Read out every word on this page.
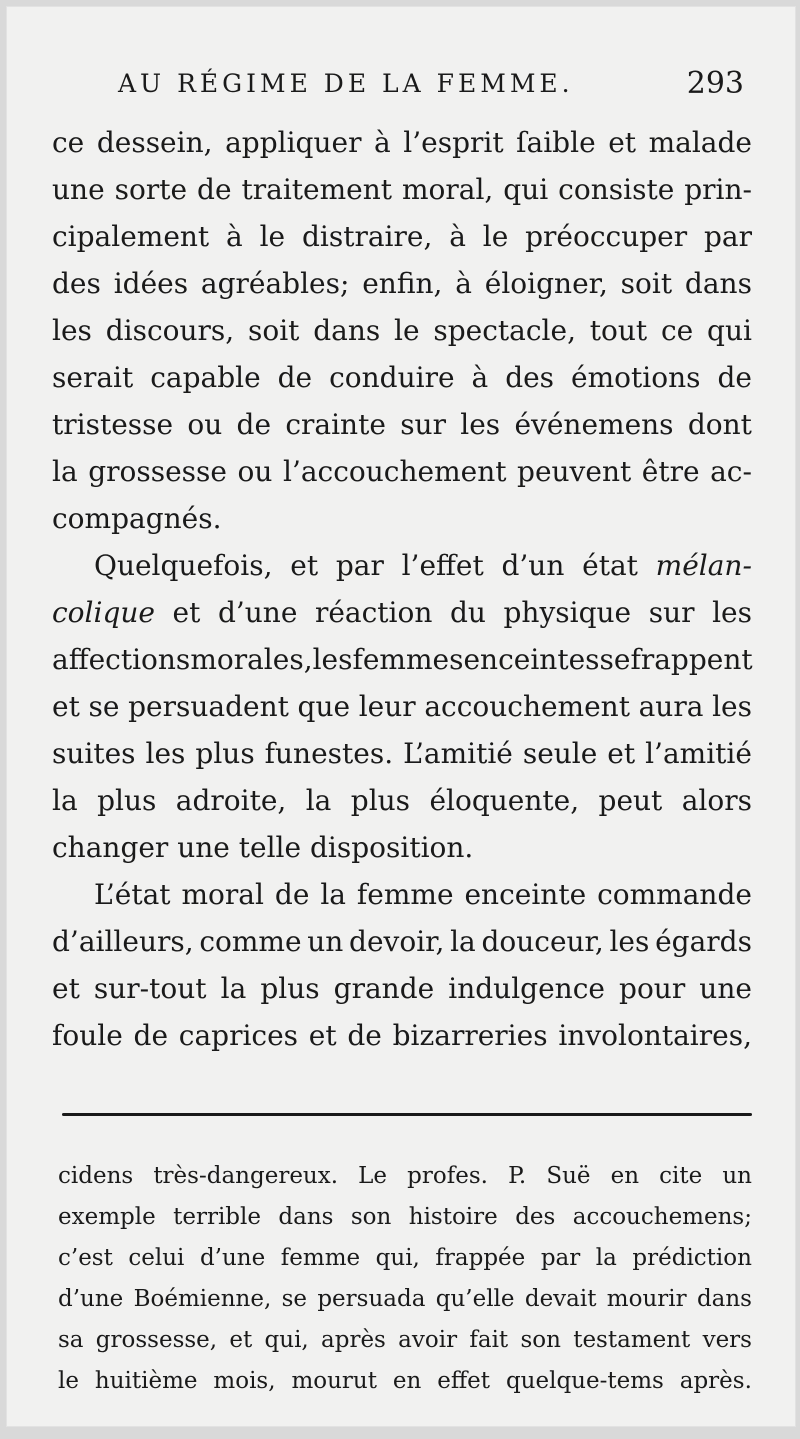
AU RÉGIME DE LA FEMME.	293
ce dessein, appliquer à l’esprit ſaible et malade
une sorte de traitement moral, qui consiste prin-
cipalement à le distraire, à le préoccuper par
des idées agréables; enfin, à éloigner, soit dans
les discours, soit dans le spectacle, tout ce qui
serait capable de conduire à des émotions de
tristesse ou de crainte sur les événemens dont
la grossesse ou l’accouchement peuvent être ac-
compagnés.
Quelquefois, et par l’effet d’un état mélan-
colique et d’une réaction du physique sur les
affections morales, les femmes enceintes se frappent
et se persuadent que leur accouchement aura les
suites les plus funestes. L’amitié seule et l’amitié
la plus adroite, la plus éloquente, peut alors
changer une telle disposition.
L’état moral de la femme enceinte commande
d’ailleurs, comme un devoir, la douceur, les égards
et sur-tout la plus grande indulgence pour une
foule de caprices et de bizarreries involontaires,
cidens très-dangereux. Le profes. P. Suë en cite un
exemple terrible dans son histoire des accouchemens;
c’est celui d’une femme qui, frappée par la prédiction
d’une Boémienne, se persuada qu’elle devait mourir dans
sa grossesse, et qui, après avoir fait son testament vers
le huitième mois, mourut en effet quelque-tems après.
